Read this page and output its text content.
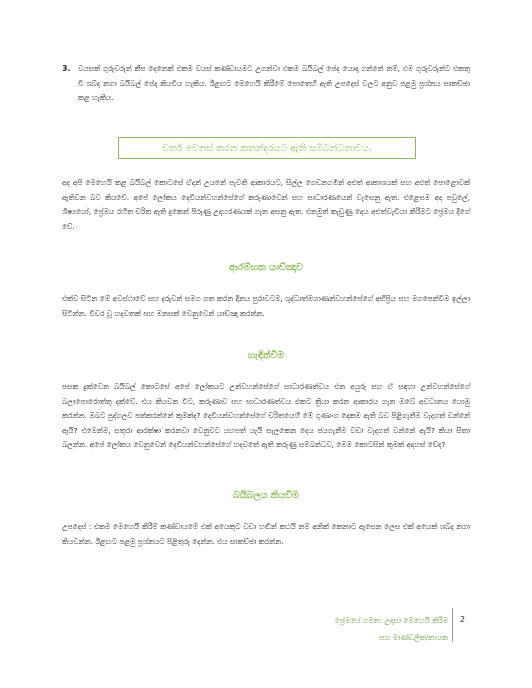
3. වයසක් ගුරුවරුන් කීප දෙනෙක් එකම වයස් කණ්ඩායමට උගන්වා එකම බයිබල් පේද යොදා ගන්නේ නම්, එම ගුරුවරුන්ට එකතු වී ශබ්ද නගා බයිබල් පේද කියවිය හැකිය. ඊළඟට මෙහෙයි කිරීමේ පොතෙහි ඇති උපදෙස් වලට අනුව පළමු ප්‍රශ්නය සාකච්ඡා කළ හැකිය.

වර්ත වෙනස් කරන කතන්දරයට ඇති සම්බන්ධතාවය.

අද අපි මෙහෙයි කළ බයිබල් කොටසේ ඒදන් උයනේ පැවති ආකාරයට, සිල්ල ගෙඩනගමින් අළුත් ආකාශයක් සහ අළුත් පොළොවක් ඇතිවන බව කියවේ. අපේ ලෝකය දෙවියන්වහන්සේගේ කරුණාවෙන් සහ සාධාරණයෙන් වැසෙනු ඇත. එළෙසම අද පවුලේ, ශිෂ්‍යයෝ, ප්‍රේමය රහිත චරිත ඇති දුකෙන් පිරුණු උදාහරණයක් ගැන අසනු ඇත. එනමුත් කැඩුණු දෙය අළුත්වැඩියා කිරීමට ප්‍රේමය දිගේ වේ.

ආරම්භක යාච්ඤාව

එක්ව සිටින මේ අවස්ථාවේ සහ දරුවන් සමග ගත කරන දිනය පුරාවටම, ශුද්ධාත්මයාණන්වහන්සේගේ අභිප්‍රිය සහ මගපෙන්වීම ඉල්ලා සිටින්න. විවර වූ හදවතක් සහ මනසක් වෙනුවෙන් යාච්ඤා කරන්න.

හැඳින්වීම

පසක දුක්වෙන බයිබල් කොටසේ අපේ ලෝකයට උන්වහන්සේගේ සාධාරණත්වය එන අයුරු සහ ඒ සඳහා උන්වහන්සේගේ බලාපොරොත්තු දක්වේ. එය කියවන විට, කරුණාව සහ සාධාරණත්වය එකට ක්‍රියා කරන ආකාරය ගැන ඔබේ අවධානය යොමු කරන්න. ඔබට පුද්ගලව පත්කරන්නේ කුමක්ද? දෙවියන්වහන්සේගේ චරිතයෙහි මේ ගුණාංග දෙකම ඇති බව පිළිගැනීම වැදගත් වන්නේ ඇයි? එමෙන්ම, සතුරා ආරක්ෂා කරනවා වෙනුවට යහපත් යැයි සැලකෙන දෙය ජයගැනීම වඩා වැදගත් වන්නේ ඇයි? කියා සිතා බලන්න. අපේ ලෝකය වෙනුවෙන් දෙවියන්වහන්සේගේ හදවතේ ඇති කරුණු සම්බන්ධව, මෙම කොටසින් කුමක් අදහස් වේද?

බයිබලය කියවීම

උපදෙස් : එකම මෙහෙයි කිරීම් කණ්ඩායමේ එක් අයෙකුට වඩා හඬින් කථයි නම් අනික් කෙනාට ඇසෙන ලෙස එක් අයෙක් ශබ්ද නගා කියවන්න. ඊළඟට පළමු ප්‍රශ්නයට පිළිතුරු දෙන්න. එය සාකච්ඡා කරන්න.

ප්‍රේමයේ ගමන: උදාසා මෙහෙයි කිරීම
සහ මාණ්ඩලික/නායක
2
